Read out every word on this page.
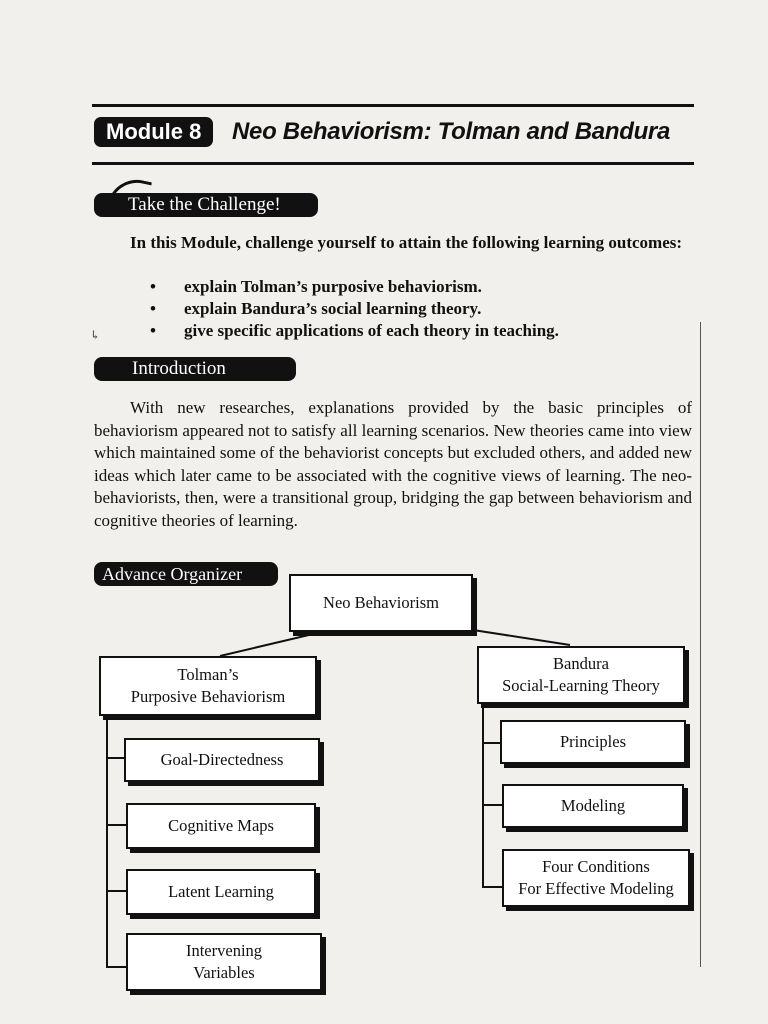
Module 8	Neo Behaviorism: Tolman and Bandura
Take the Challenge!
In this Module, challenge yourself to attain the following learning outcomes:
• explain Tolman’s purposive behaviorism.
• explain Bandura’s social learning theory.
• give specific applications of each theory in teaching.
↳
Introduction
With new researches, explanations provided by the basic principles of behaviorism appeared not to satisfy all learning scenarios. New theories came into view which maintained some of the behaviorist concepts but excluded others, and added new ideas which later came to be associated with the cognitive views of learning. The neo-behaviorists, then, were a transitional group, bridging the gap between behaviorism and cognitive theories of learning.
Advance Organizer
Neo Behaviorism
Tolman’s
Purposive Behaviorism
Goal-Directedness
Cognitive Maps
Latent Learning
Intervening
Variables
Bandura
Social-Learning Theory
Principles
Modeling
Four Conditions
For Effective Modeling
